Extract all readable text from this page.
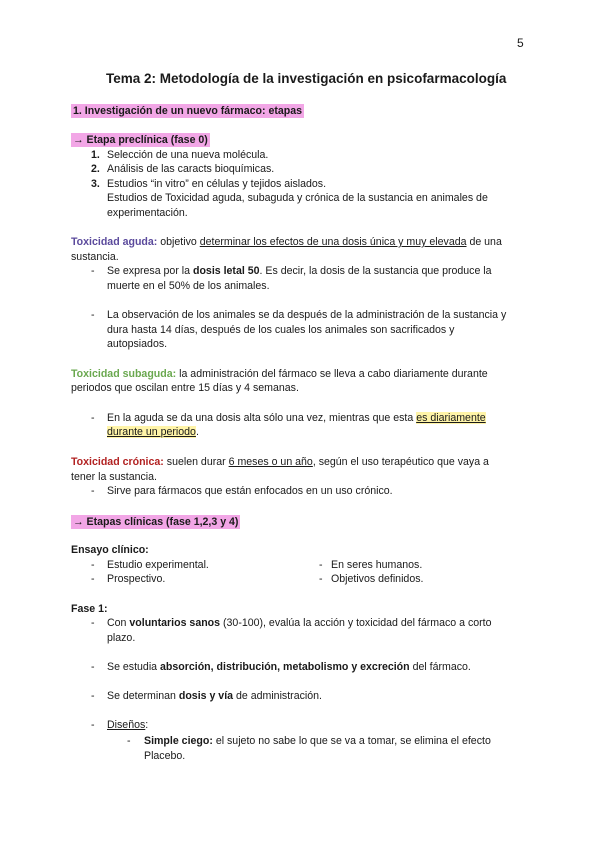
5
Tema 2: Metodología de la investigación en psicofarmacología
1. Investigación de un nuevo fármaco: etapas
→ Etapa preclínica (fase 0)
1. Selección de una nueva molécula.
2. Análisis de las caracts bioquímicas.
3. Estudios “in vitro” en células y tejidos aislados.
Estudios de Toxicidad aguda, subaguda y crónica de la sustancia en animales de
experimentación.
Toxicidad aguda: objetivo determinar los efectos de una dosis única y muy elevada de una
sustancia.
- Se expresa por la dosis letal 50. Es decir, la dosis de la sustancia que produce la
muerte en el 50% de los animales.
- La observación de los animales se da después de la administración de la sustancia y
dura hasta 14 días, después de los cuales los animales son sacrificados y
autopsiados.
Toxicidad subaguda: la administración del fármaco se lleva a cabo diariamente durante
periodos que oscilan entre 15 días y 4 semanas.
- En la aguda se da una dosis alta sólo una vez, mientras que esta es diariamente
durante un periodo.
Toxicidad crónica: suelen durar 6 meses o un año, según el uso terapéutico que vaya a
tener la sustancia.
- Sirve para fármacos que están enfocados en un uso crónico.
→ Etapas clínicas (fase 1,2,3 y 4)
Ensayo clínico:
- Estudio experimental.	- En seres humanos.
- Prospectivo.	- Objetivos definidos.
Fase 1:
- Con voluntarios sanos (30-100), evalúa la acción y toxicidad del fármaco a corto
plazo.
- Se estudia absorción, distribución, metabolismo y excreción del fármaco.
- Se determinan dosis y vía de administración.
- Diseños:
- Simple ciego: el sujeto no sabe lo que se va a tomar, se elimina el efecto
Placebo.
